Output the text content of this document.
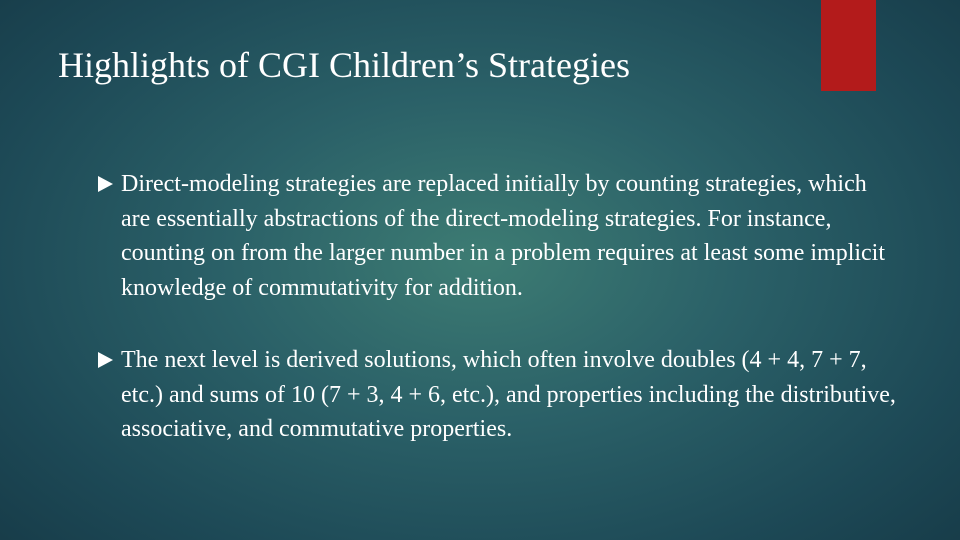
Highlights of CGI Children’s Strategies
Direct-modeling strategies are replaced initially by counting strategies, which are essentially abstractions of the direct-modeling strategies. For instance, counting on from the larger number in a problem requires at least some implicit knowledge of commutativity for addition.
The next level is derived solutions, which often involve doubles (4 + 4, 7 + 7, etc.) and sums of 10 (7 + 3, 4 + 6, etc.), and properties including the distributive, associative, and commutative properties.
